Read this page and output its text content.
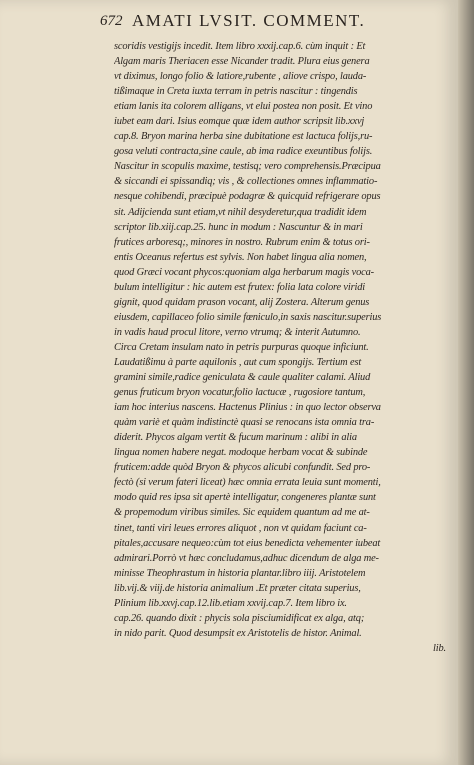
672 AMATI LVSIT. COMMENT.
scoridis vestigijs incedit. Item libro xxxij.cap.6. cùm inquit : Et
Algam maris Theriacen esse Nicander tradit. Plura eius genera
vt diximus, longo folio & latiore,rubente , aliove crispo, lauda-
tißimaque in Creta iuxta terram in petris nascitur : tingendis
etiam lanis ita colorem alligans, vt elui postea non posit. Et vino
iubet eam dari. Isius eomque quæ idem author scripsit lib.xxvj
cap.8. Bryon marina herba sine dubitatione est lactuca folijs,ru-
gosa veluti contracta,sine caule, ab ima radice exeuntibus folijs.
Nascitur in scopulis maxime, testisq; vero comprehensis.Præcipua
& siccandi ei spissandiq; vis , & collectiones omnes inflammatio-
nesque cohibendi, præcipuè podagræ & quicquid refrigerare opus
sit. Adijcienda sunt etiam,vt nihil desyderetur,qua tradidit idem
scriptor lib.xiij.cap.25. hunc in modum : Nascuntur & in mari
frutices arboresq;, minores in nostro. Rubrum enim & totus ori-
entis Oceanus refertus est sylvis. Non habet lingua alia nomen,
quod Græci vocant phycos:quoniam alga herbarum magis voca-
bulum intelligitur : hic autem est frutex: folia lata colore viridi
gignit, quod quidam prason vocant, alij Zostera. Alterum genus
eiusdem, capillaceo folio simile fœniculo,in saxis nascitur.superius
in vadis haud procul litore, verno vtrumq; & interit Autumno.
Circa Cretam insulam nato in petris purpuras quoque inficiunt.
Laudatißimu à parte aquilonis , aut cum spongijs. Tertium est
gramini simile,radice geniculata & caule qualiter calami. Aliud
genus fruticum bryon vocatur,folio lactucæ , rugosiore tantum,
iam hoc interius nascens. Hactenus Plinius : in quo lector observa
quàm variè et quàm indistinctè quasi se renocans ista omnia tra-
diderit. Phycos algam vertit & fucum marinum : alibi in alia
lingua nomen habere negat. modoque herbam vocat & subinde
fruticem:adde quòd Bryon & phycos alicubi confundit. Sed pro-
fectò (si verum fateri liceat) hæc omnia errata leuia sunt momenti,
modo quid res ipsa sit apertè intelligatur, congeneres plantæ sunt
& propemodum viribus similes. Sic equidem quantum ad me at-
tinet, tanti viri leues errores aliquot , non vt quidam faciunt ca-
pitales,accusare nequeo:cùm tot eius benedicta vehementer iubeat
admirari.Porrò vt hæc concludamus,adhuc dicendum de alga me-
minisse Theophrastum in historia plantar.libro iiij. Aristotelem
lib.vij.& viij.de historia animalium .Et præter citata superius,
Plinium lib.xxvj.cap.12.lib.etiam xxvij.cap.7. Item libro ix.
cap.26. quando dixit : phycis sola pisciumidificat ex alga, atq;
in nido parit. Quod desumpsit ex Aristotelis de histor. Animal.
lib.
